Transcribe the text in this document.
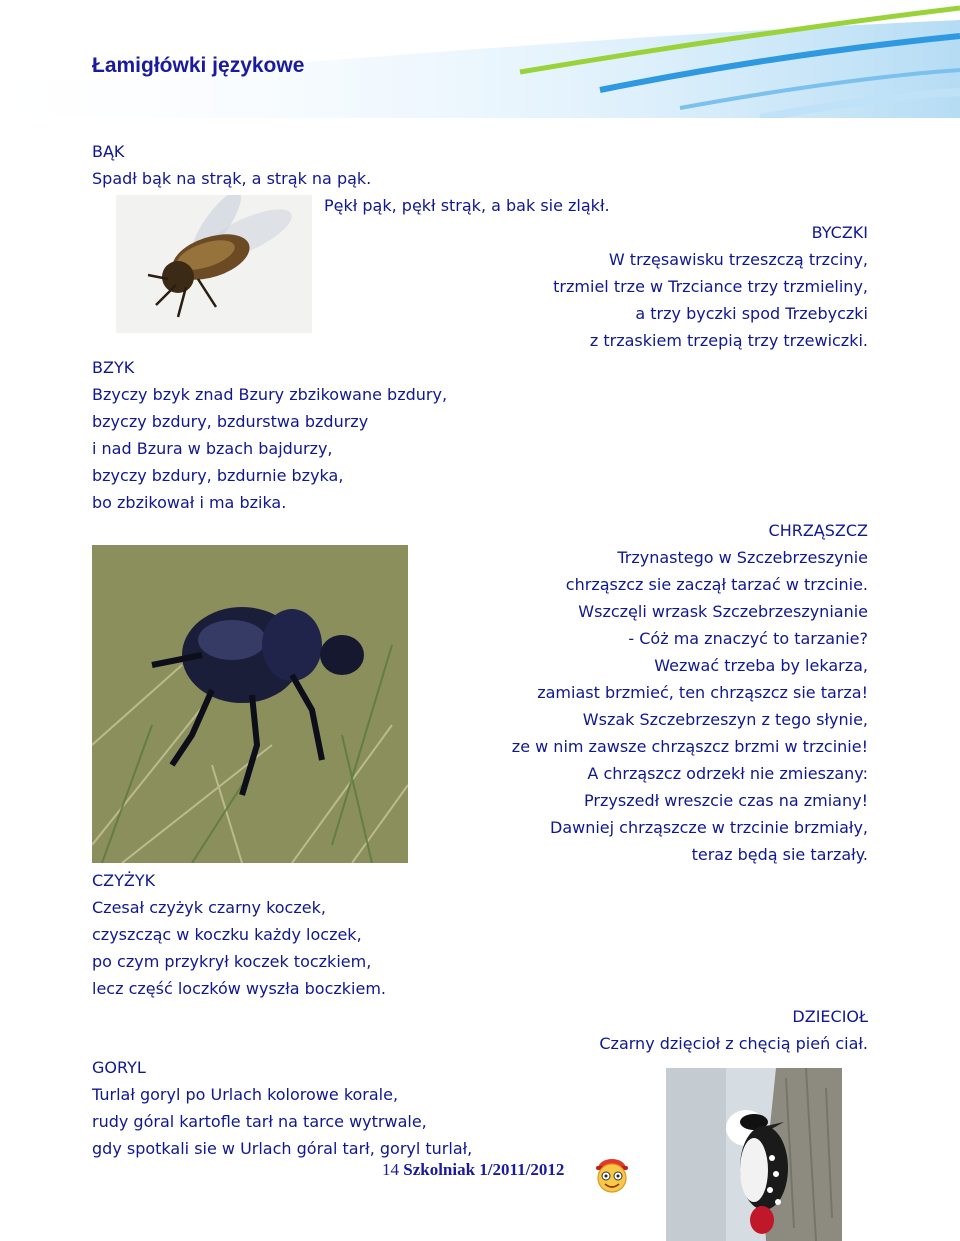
Łamigłówki językowe
BĄK
Spadł bąk na strąk, a strąk na pąk.
Pękł pąk, pękł strąk, a bak sie zląkł.
BYCZKI
W trzęsawisku trzeszczą trzciny,
trzmiel trze w Trzciance trzy trzmieliny,
a trzy byczki spod Trzebyczki
z trzaskiem trzepią trzy trzewiczki.
BZYK
Bzyczy bzyk znad Bzury zbzikowane bzdury,
bzyczy bzdury, bzdurstwa bzdurzy
i nad Bzura w bzach bajdurzy,
bzyczy bzdury, bzdurnie bzyka,
bo zbzikował i ma bzika.
CHRZĄSZCZ
Trzynastego w Szczebrzeszynie
chrząszcz sie zaczął tarzać w trzcinie.
Wszczęli wrzask Szczebrzeszynianie
- Cóż ma znaczyć to tarzanie?
Wezwać trzeba by lekarza,
zamiast brzmieć, ten chrząszcz sie tarza!
Wszak Szczebrzeszyn z tego słynie,
ze w nim zawsze chrząszcz brzmi w trzcinie!
A chrząszcz odrzekł nie zmieszany:
Przyszedł wreszcie czas na zmiany!
Dawniej chrząszcze w trzcinie brzmiały,
teraz będą sie tarzały.
CZYŻYK
Czesał czyżyk czarny koczek,
czyszcząc w koczku każdy loczek,
po czym przykrył koczek toczkiem,
lecz część loczków wyszła boczkiem.
DZIECIOŁ
Czarny dzięcioł z chęcią pień ciał.
GORYL
Turlał goryl po Urlach kolorowe korale,
rudy góral kartofle tarł na tarce wytrwale,
gdy spotkali sie w Urlach góral tarł, goryl turlał,
14 Szkolniak 1/2011/2012
